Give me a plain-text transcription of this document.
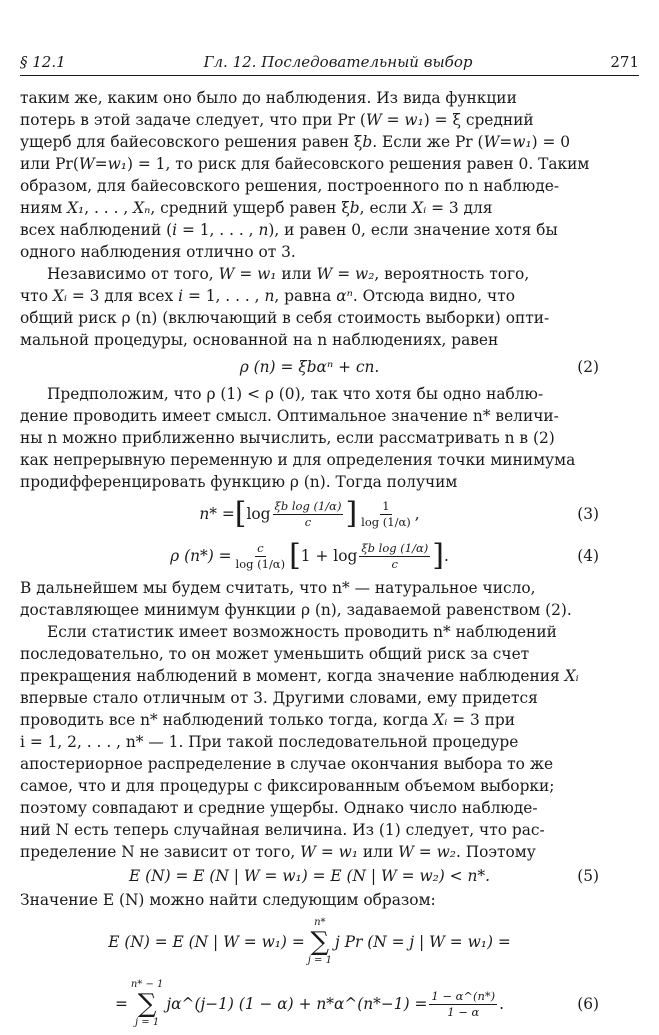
§ 12.1	Гл. 12. Последовательный выбор	271

таким же, каким оно было до наблюдения. Из вида функции

потерь в этой задаче следует, что при Pr (W = w₁) = ξ средний

ущерб для байесовского решения равен ξb. Если же Pr (W=w₁) = 0

или Pr(W=w₁) = 1, то риск для байесовского решения равен 0. Таким

образом, для байесовского решения, построенного по n наблюде-

ниям X₁, . . . , Xₙ, средний ущерб равен ξb, если Xᵢ = 3 для

всех наблюдений (i = 1, . . . , n), и равен 0, если значение хотя бы

одного наблюдения отлично от 3.

Независимо от того, W = w₁ или W = w₂, вероятность того,

что Xᵢ = 3 для всех i = 1, . . . , n, равна αⁿ. Отсюда видно, что

общий риск ρ (n) (включающий в себя стоимость выборки) опти-

мальной процедуры, основанной на n наблюдениях, равен

ρ (n) = ξbαⁿ + cn.	(2)

Предположим, что ρ (1) < ρ (0), так что хотя бы одно наблю-

дение проводить имеет смысл. Оптимальное значение n* величи-

ны n можно приближенно вычислить, если рассматривать n в (2)

как непрерывную переменную и для определения точки минимума

продифференцировать функцию ρ (n). Тогда получим

n* = [ $\log \frac{\text{ξb log (1/α)}}{c}$ ] $\frac{1}{\log (1/\alpha)}$ ,	(3)
ρ $(n*) = \frac{c}{\log (1/\alpha)}$ [ $1 + \log \frac{\text{ξb log (1/α)}}{c}$ ] .	(4)

В дальнейшем мы будем считать, что n* — натуральное число,

доставляющее минимум функции ρ (n), задаваемой равенством (2).

Если статистик имеет возможность проводить n* наблюдений

последовательно, то он может уменьшить общий риск за счет

прекращения наблюдений в момент, когда значение наблюдения Xᵢ

впервые стало отличным от 3. Другими словами, ему придется

проводить все n* наблюдений только тогда, когда Xᵢ = 3 при

i = 1, 2, . . . , n* — 1. При такой последовательной процедуре

апостериорное распределение в случае окончания выбора то же

самое, что и для процедуры с фиксированным объемом выборки;

поэтому совпадают и средние ущербы. Однако число наблюде-

ний N есть теперь случайная величина. Из (1) следует, что рас-

пределение N не зависит от того, W = w₁ или W = w₂. Поэтому

E (N) = E (N | W = w₁) = E (N | W = w₂) < n*.	(5)

Значение E (N) можно найти следующим образом:

E (N) = E (N | W = w₁) =
n*
∑
j = 1
j Pr (N = j | W = w₁) =
=
n* − 1
∑
j = 1
jα^(j−1) (1 − α) + n*α^(n*−1) = $\frac{1 - \alpha\^{}(n*)}{1 - \alpha}$ .	(6)
